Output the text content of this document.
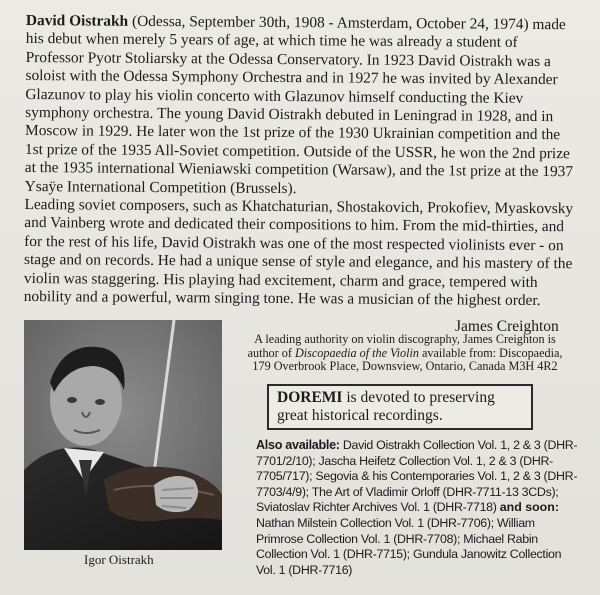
David Oistrakh (Odessa, September 30th, 1908 - Amsterdam, October 24, 1974) made his debut when merely 5 years of age, at which time he was already a student of Professor Pyotr Stoliarsky at the Odessa Conservatory. In 1923 David Oistrakh was a soloist with the Odessa Symphony Orchestra and in 1927 he was invited by Alexander Glazunov to play his violin concerto with Glazunov himself conducting the Kiev symphony orchestra. The young David Oistrakh debuted in Leningrad in 1928, and in Moscow in 1929. He later won the 1st prize of the 1930 Ukrainian competition and the 1st prize of the 1935 All-Soviet competition. Outside of the USSR, he won the 2nd prize at the 1935 international Wieniawski competition (Warsaw), and the 1st prize at the 1937 Ysaÿe International Competition (Brussels).

Leading soviet composers, such as Khatchaturian, Shostakovich, Prokofiev, Myaskovsky and Vainberg wrote and dedicated their compositions to him. From the mid-thirties, and for the rest of his life, David Oistrakh was one of the most respected violinists ever - on stage and on records. He had a unique sense of style and elegance, and his mastery of the violin was staggering. His playing had excitement, charm and grace, tempered with nobility and a powerful, warm singing tone. He was a musician of the highest order.

James Creighton
Igor Oistrakh
A leading authority on violin discography, James Creighton is author of Discopaedia of the Violin available from: Discopaedia, 179 Overbrook Place, Downsview, Ontario, Canada M3H 4R2
DOREMI is devoted to preserving great historical recordings.
Also available: David Oistrakh Collection Vol. 1, 2 & 3 (DHR-7701/2/10); Jascha Heifetz Collection Vol. 1, 2 & 3 (DHR-7705/717); Segovia & his Contemporaries Vol. 1, 2 & 3 (DHR-7703/4/9); The Art of Vladimir Orloff (DHR-7711-13 3CDs); Sviatoslav Richter Archives Vol. 1 (DHR-7718) and soon: Nathan Milstein Collection Vol. 1 (DHR-7706); William Primrose Collection Vol. 1 (DHR-7708); Michael Rabin Collection Vol. 1 (DHR-7715); Gundula Janowitz Collection Vol. 1 (DHR-7716)
